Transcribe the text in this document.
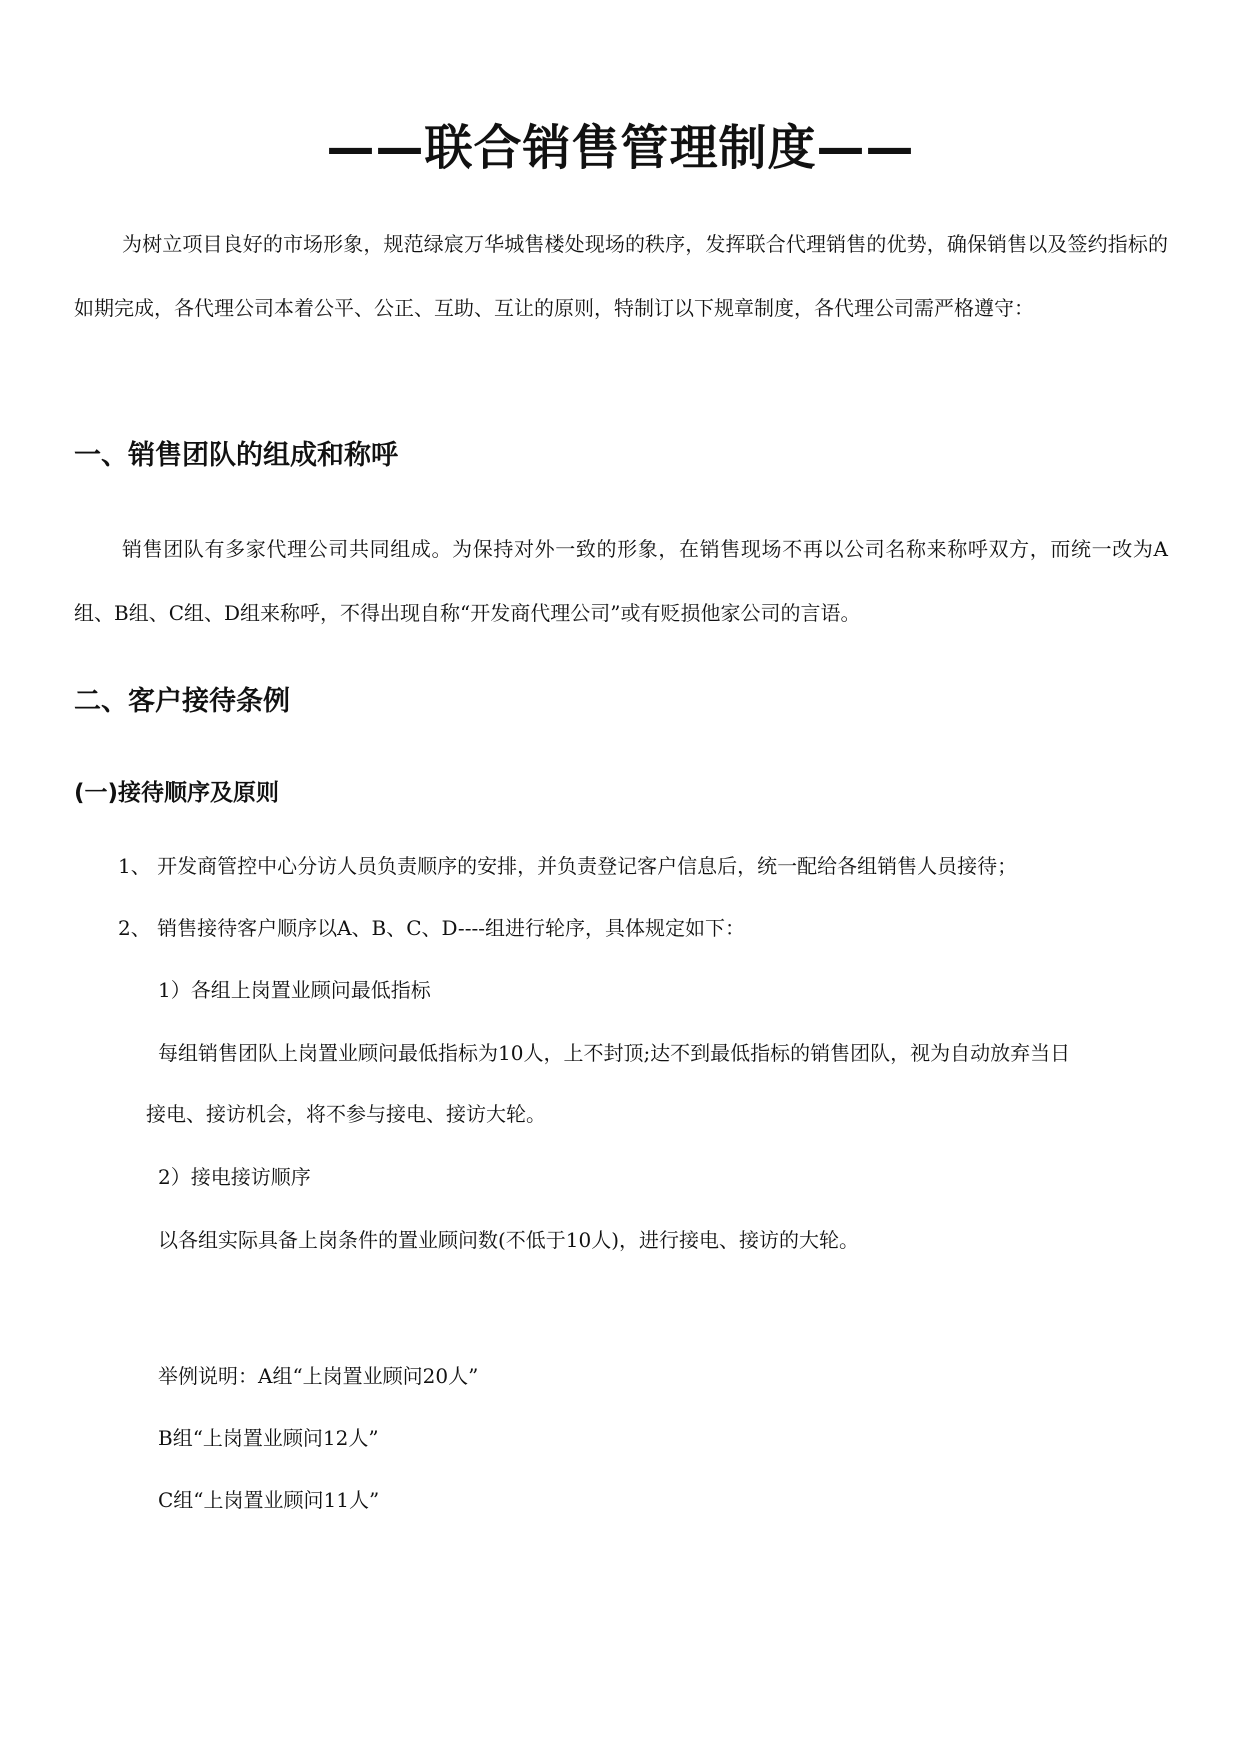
——联合销售管理制度——

为树立项目良好的市场形象，规范绿宸万华城售楼处现场的秩序，发挥联合代理销售的优势，确保销售以及签约指标的如期完成，各代理公司本着公平、公正、互助、互让的原则，特制订以下规章制度，各代理公司需严格遵守：

一、销售团队的组成和称呼

销售团队有多家代理公司共同组成。为保持对外一致的形象，在销售现场不再以公司名称来称呼双方，而统一改为A组、B组、C组、D组来称呼，不得出现自称“开发商代理公司”或有贬损他家公司的言语。

二、客户接待条例
(一)接待顺序及原则

1、 开发商管控中心分访人员负责顺序的安排，并负责登记客户信息后，统一配给各组销售人员接待；

2、 销售接待客户顺序以A、B、C、D----组进行轮序，具体规定如下：

1）各组上岗置业顾问最低指标

每组销售团队上岗置业顾问最低指标为10人，上不封顶;达不到最低指标的销售团队，视为自动放弃当日

接电、接访机会，将不参与接电、接访大轮。

2）接电接访顺序

以各组实际具备上岗条件的置业顾问数(不低于10人)，进行接电、接访的大轮。

举例说明：A组“上岗置业顾问20人”

B组“上岗置业顾问12人”

C组“上岗置业顾问11人”
